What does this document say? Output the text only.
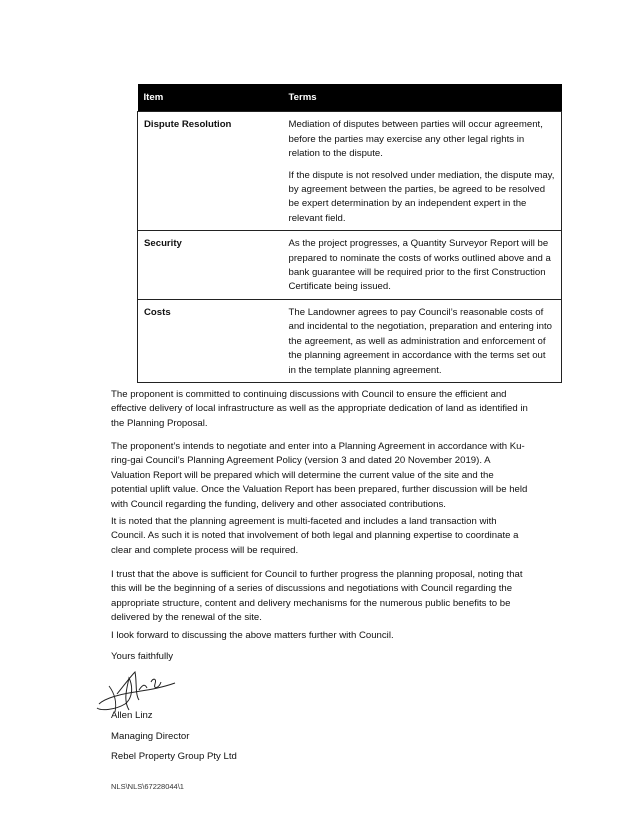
Item	Terms
Dispute Resolution	Mediation of disputes between parties will occur agreement, before the parties may exercise any other legal rights in relation to the dispute.

If the dispute is not resolved under mediation, the dispute may, by agreement between the parties, be agreed to be resolved be expert determination by an independent expert in the relevant field.

Security	As the project progresses, a Quantity Surveyor Report will be prepared to nominate the costs of works outlined above and a bank guarantee will be required prior to the first Construction Certificate being issued.

Costs	The Landowner agrees to pay Council’s reasonable costs of and incidental to the negotiation, preparation and entering into the agreement, as well as administration and enforcement of the planning agreement in accordance with the terms set out in the template planning agreement.

The proponent is committed to continuing discussions with Council to ensure the efficient and effective delivery of local infrastructure as well as the appropriate dedication of land as identified in the Planning Proposal.

The proponent’s intends to negotiate and enter into a Planning Agreement in accordance with Ku-ring-gai Council’s Planning Agreement Policy (version 3 and dated 20 November 2019). A Valuation Report will be prepared which will determine the current value of the site and the potential uplift value. Once the Valuation Report has been prepared, further discussion will be held with Council regarding the funding, delivery and other associated contributions.

It is noted that the planning agreement is multi-faceted and includes a land transaction with Council. As such it is noted that involvement of both legal and planning expertise to coordinate a clear and complete process will be required.

I trust that the above is sufficient for Council to further progress the planning proposal, noting that this will be the beginning of a series of discussions and negotiations with Council regarding the appropriate structure, content and delivery mechanisms for the numerous public benefits to be delivered by the renewal of the site.

I look forward to discussing the above matters further with Council.

Yours faithfully

Allen Linz

Managing Director

Rebel Property Group Pty Ltd

NLS\NLS\67228044\1
